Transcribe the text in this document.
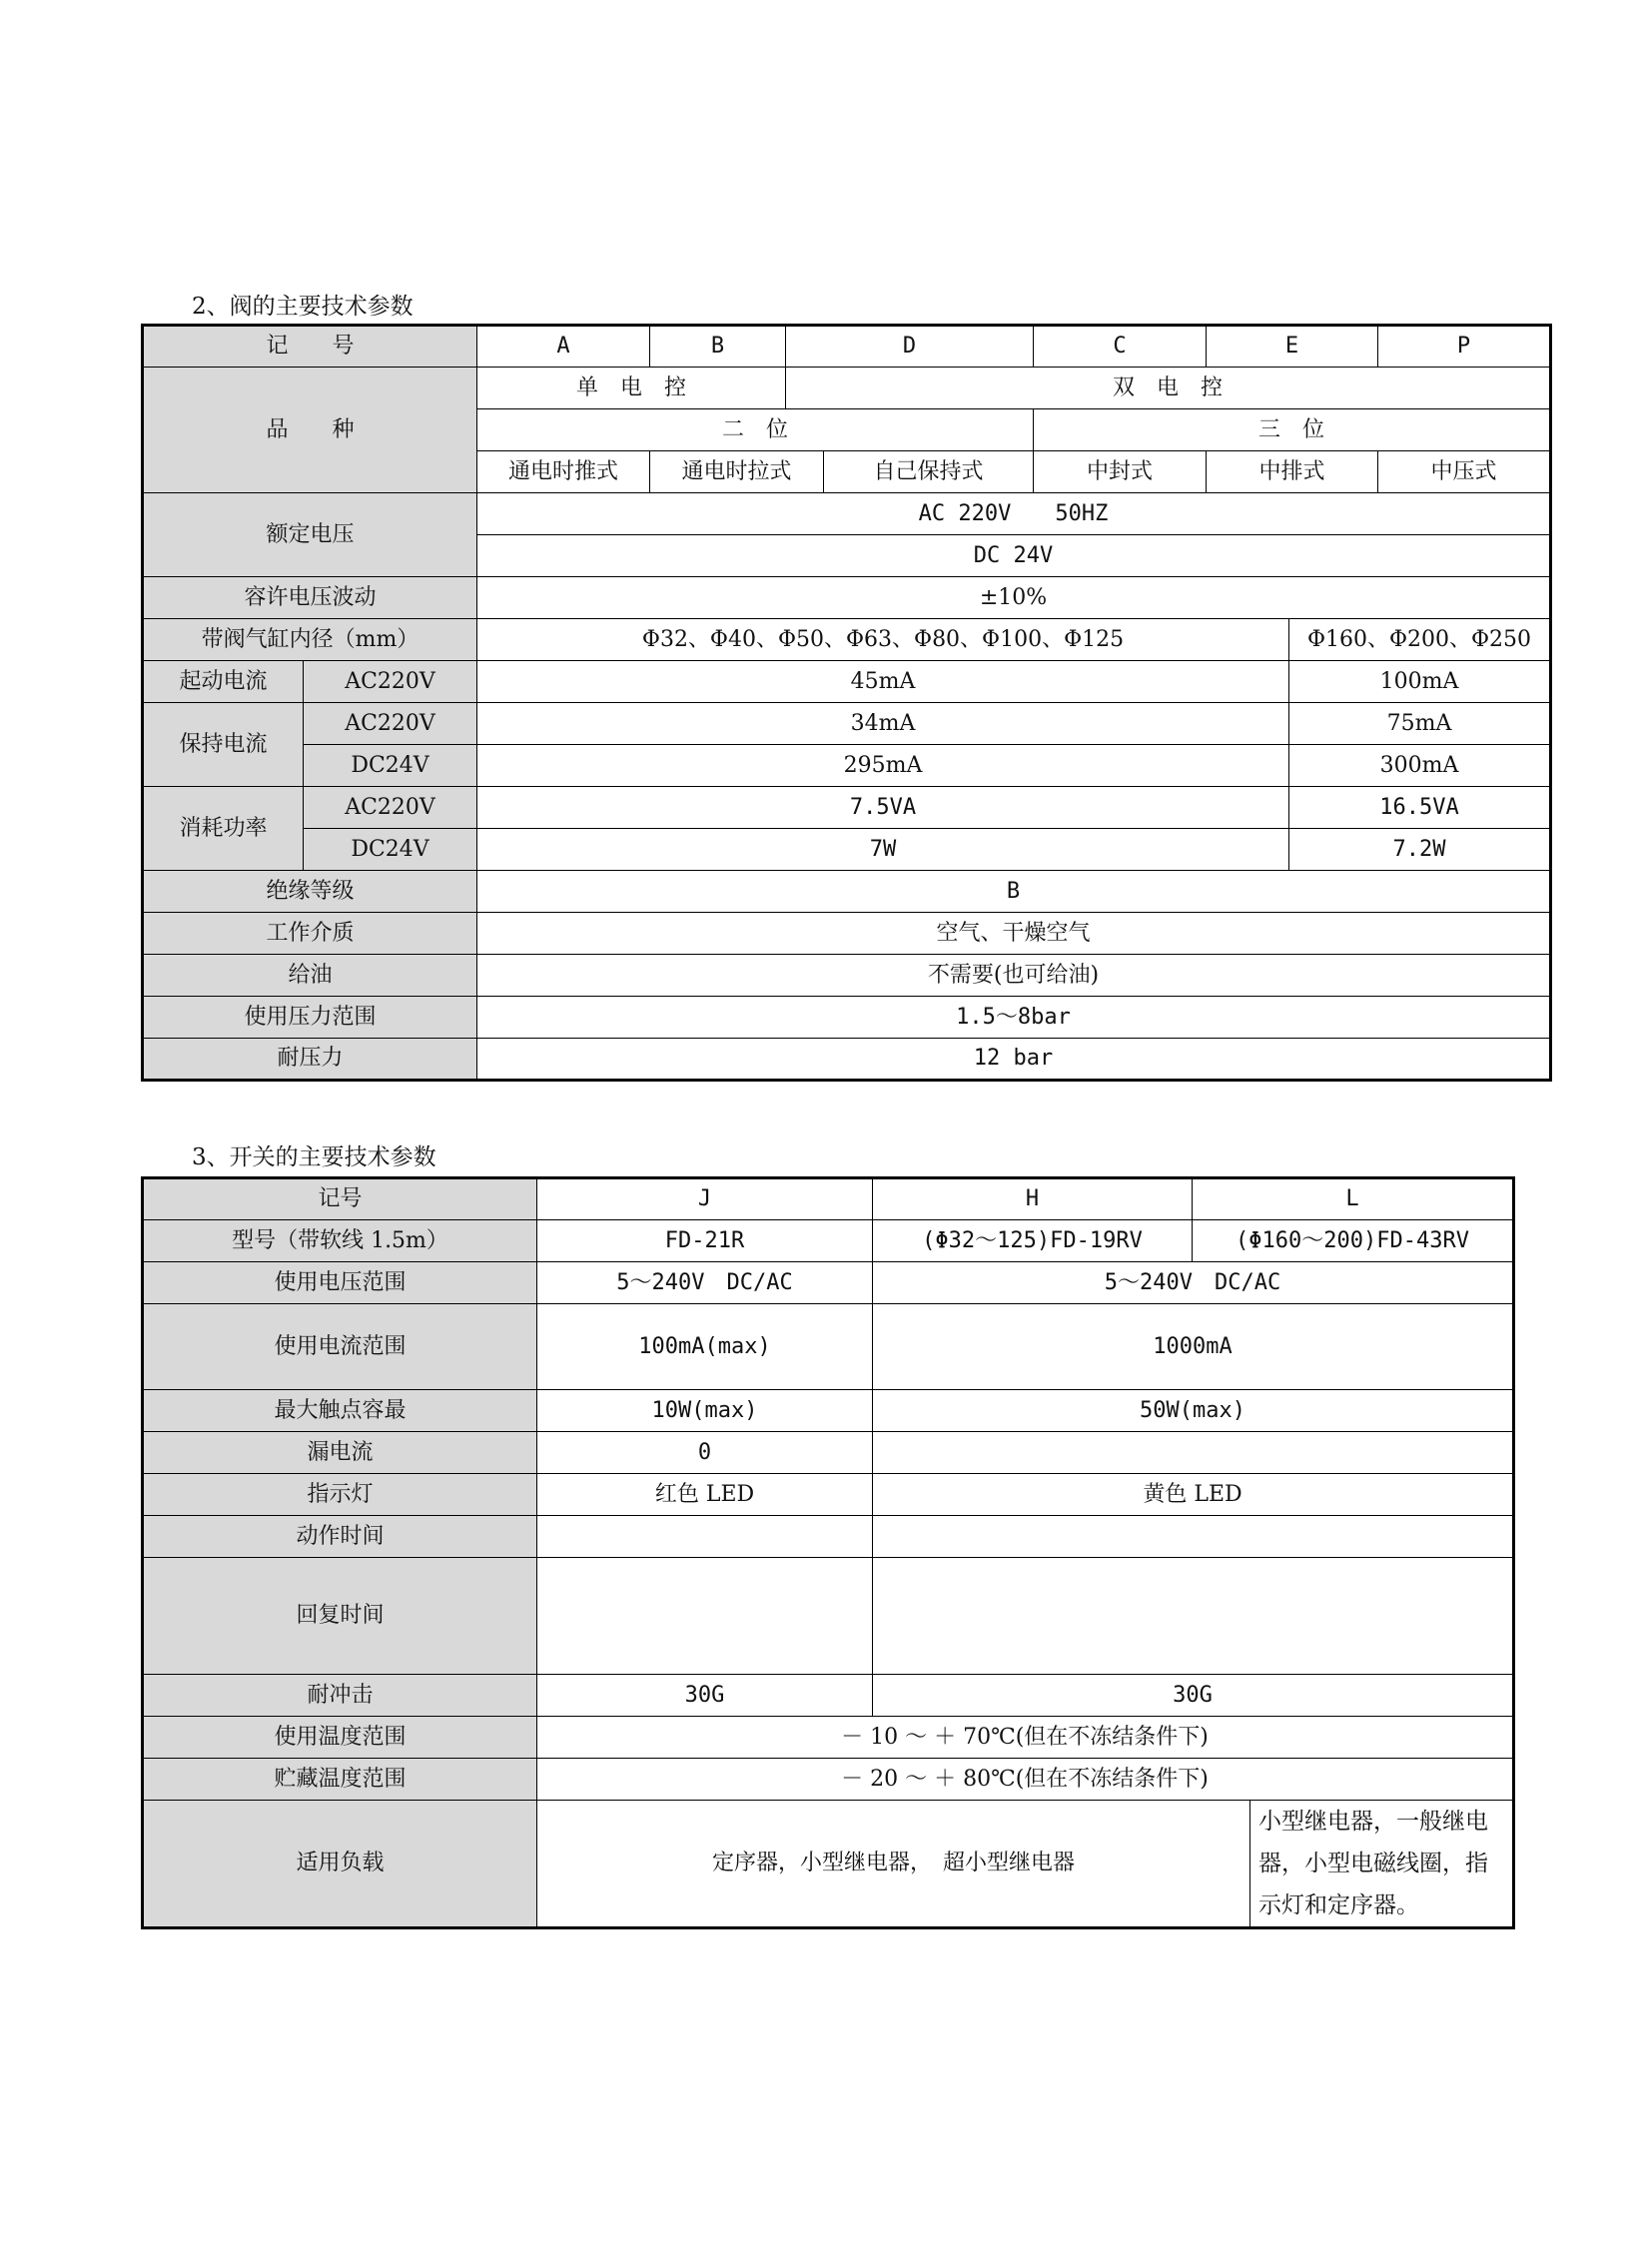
2、阀的主要技术参数
记　　号		A	B	D		C	E		P
品　　种		单　电　控		双　电　控					
		二　位				三　位			
		通电时推式	通电时拉式		自己保持式	中封式	中排式		中压式
额定电压		AC 220V　　50HZ							
		DC 24V							
容许电压波动		±10%							
带阀气缸内径（mm）		Φ32、Φ40、Φ50、Φ63、Φ80、Φ100、Φ125						Φ160、Φ200、Φ250	
起动电流	AC220V	45mA						100mA	
保持电流	AC220V	34mA						75mA	
	DC24V	295mA						300mA	
消耗功率	AC220V	7.5VA						16.5VA	
	DC24V	7W						7.2W	
绝缘等级		B							
工作介质		空气、干燥空气							
给油		不需要(也可给油)							
使用压力范围		1.5～8bar							
耐压力		12 bar							
3、开关的主要技术参数
记号	J	H	L	
型号（带软线 1.5m）	FD-21R	(Φ32～125)FD-19RV	(Φ160～200)FD-43RV	
使用电压范围	5～240V　DC/AC	5～240V　DC/AC		
使用电流范围	100mA(max)	1000mA		
最大触点容最	10W(max)	50W(max)		
漏电流	0			
指示灯	红色 LED	黄色 LED		
动作时间				
回复时间				
耐冲击	30G	30G		
使用温度范围	－ 10 ～ ＋ 70℃(但在不冻结条件下)			
贮藏温度范围	－ 20 ～ ＋ 80℃(但在不冻结条件下)			
适用负载	定序器，小型继电器，　超小型继电器			小型继电器，一般继电器，小型电磁线圈，指示灯和定序器。
